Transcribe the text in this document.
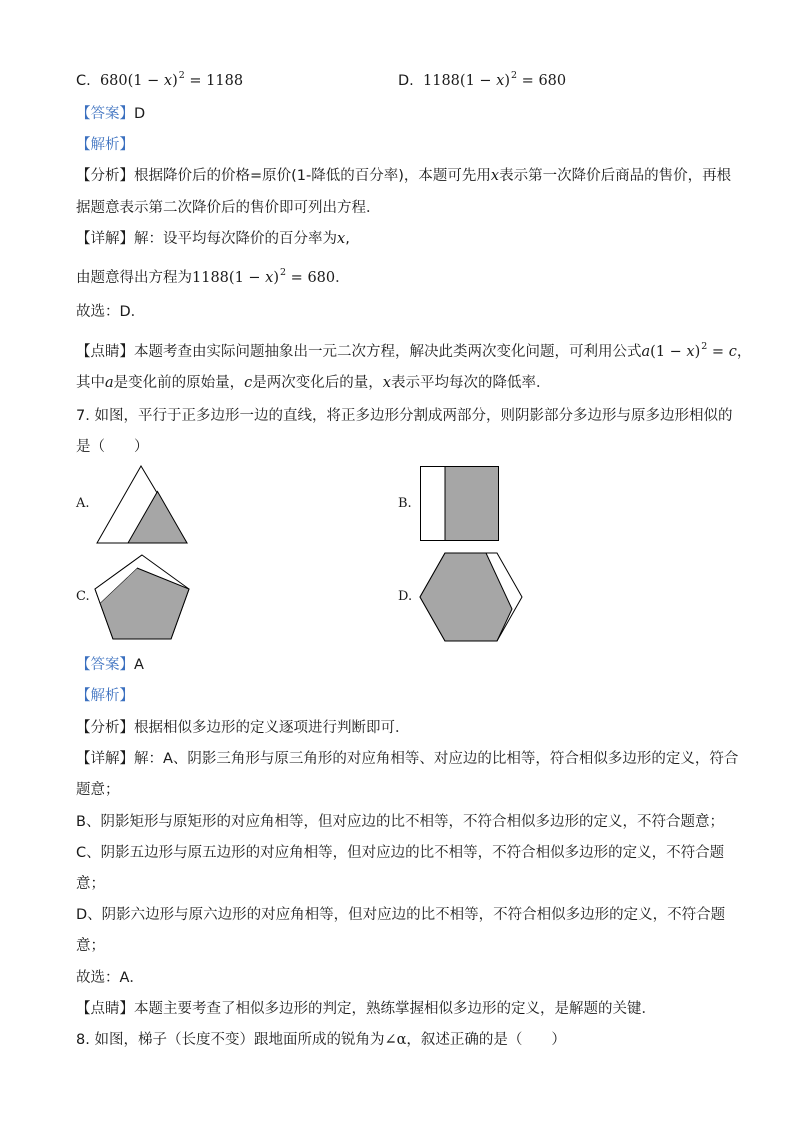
C. $680(1 - x)^2 = 1188$	D. $1188(1 - x)^2 = 680$
【答案】D
【解析】
【分析】根据降价后的价格=原价(1-降低的百分率)，本题可先用x表示第一次降价后商品的售价，再根
据题意表示第二次降价后的售价即可列出方程．
【详解】解：设平均每次降价的百分率为x,
由题意得出方程为$1188(1 - x)^2 = 680$．
故选：D．
【点睛】本题考查由实际问题抽象出一元二次方程，解决此类两次变化问题，可利用公式$a(1 - x)^2 = c$，
其中a是变化前的原始量，c是两次变化后的量，x表示平均每次的降低率．
7. 如图，平行于正多边形一边的直线，将正多边形分割成两部分，则阴影部分多边形与原多边形相似的
是（　　）
A.	B.
C.	D.
【答案】A
【解析】
【分析】根据相似多边形的定义逐项进行判断即可．
【详解】解：A、阴影三角形与原三角形的对应角相等、对应边的比相等，符合相似多边形的定义，符合
题意；
B、阴影矩形与原矩形的对应角相等，但对应边的比不相等，不符合相似多边形的定义，不符合题意；
C、阴影五边形与原五边形的对应角相等，但对应边的比不相等，不符合相似多边形的定义，不符合题
意；
D、阴影六边形与原六边形的对应角相等，但对应边的比不相等，不符合相似多边形的定义，不符合题
意；
故选：A．
【点睛】本题主要考查了相似多边形的判定，熟练掌握相似多边形的定义，是解题的关键．
8. 如图，梯子（长度不变）跟地面所成的锐角为∠α，叙述正确的是（　　）
